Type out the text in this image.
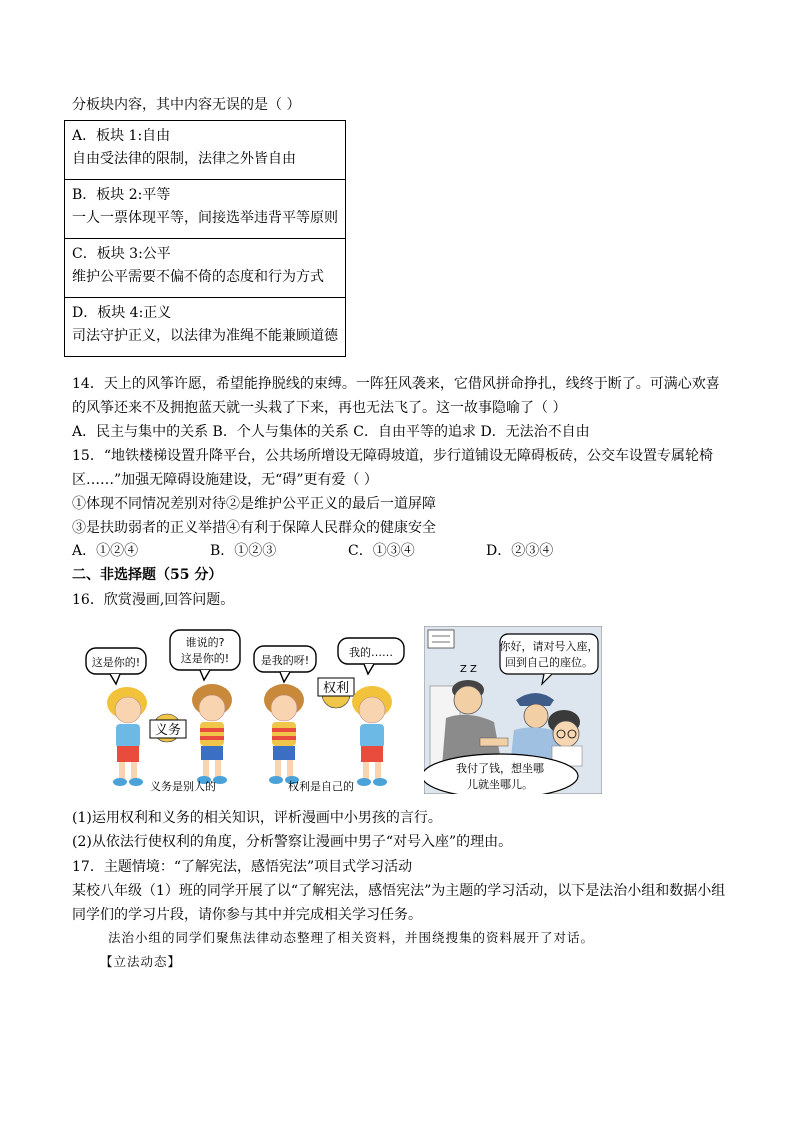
分板块内容，其中内容无误的是（ ）
A．板块 1:自由
自由受法律的限制，法律之外皆自由

B．板块 2:平等
一人一票体现平等，间接选举违背平等原则

C．板块 3:公平
维护公平需要不偏不倚的态度和行为方式

D．板块 4:正义
司法守护正义，以法律为准绳不能兼顾道德
14．天上的风筝许愿，希望能挣脱线的束缚。一阵狂风袭来，它借风拼命挣扎，线终于断了。可满心欢喜
的风筝还来不及拥抱蓝天就一头栽了下来，再也无法飞了。这一故事隐喻了（ ）
A．民主与集中的关系 B．个人与集体的关系 C．自由平等的追求 D．无法治不自由
15．“地铁楼梯设置升降平台，公共场所增设无障碍坡道，步行道铺设无障碍板砖，公交车设置专属轮椅
区……”加强无障碍设施建设，无“碍”更有爱（ ）
①体现不同情况差别对待②是维护公平正义的最后一道屏障
③是扶助弱者的正义举措④有利于保障人民群众的健康安全
A．①②④	B．①②③	C．①③④	D．②③④
二、非选择题（55 分）
16．欣赏漫画,回答问题。
这是你的!
谁说的?
这是你的!
义务
义务是别人的
是我的呀!
我的……
权利
权利是自己的
你好，请对号入座，
回到自己的座位。
Z Z
我付了钱，想坐哪
儿就坐哪儿。
(1)运用权利和义务的相关知识，评析漫画中小男孩的言行。
(2)从依法行使权利的角度，分析警察让漫画中男子“对号入座”的理由。
17．主题情境：“了解宪法，感悟宪法”项目式学习活动
某校八年级（1）班的同学开展了以“了解宪法，感悟宪法”为主题的学习活动，以下是法治小组和数据小组
同学们的学习片段，请你参与其中并完成相关学习任务。
法治小组的同学们聚焦法律动态整理了相关资料，并围绕搜集的资料展开了对话。
【立法动态】
